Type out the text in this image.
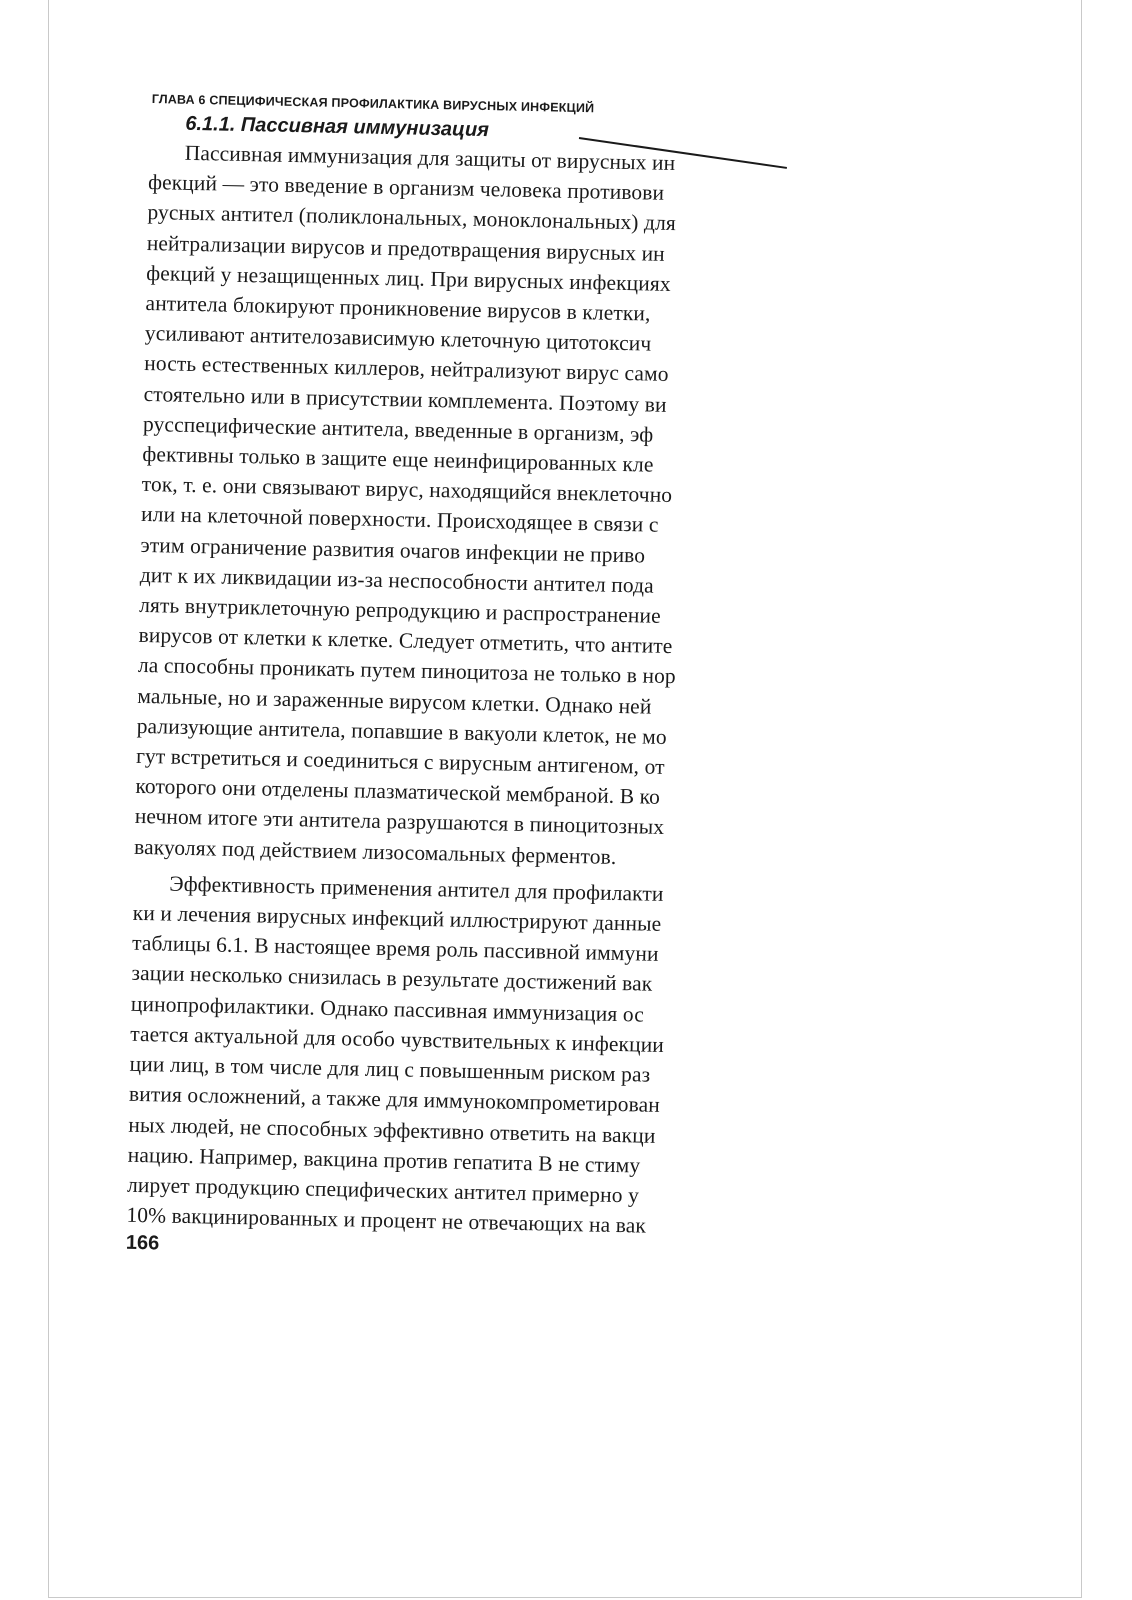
ГЛАВА 6 СПЕЦИФИЧЕСКАЯ ПРОФИЛАКТИКА ВИРУСНЫХ ИНФЕКЦИЙ
6.1.1. Пассивная иммунизация
Пассивная иммунизация для защиты от вирусных ин
фекций — это введение в организм человека противови
русных антител (поликлональных, моноклональных) для
нейтрализации вирусов и предотвращения вирусных ин
фекций у незащищенных лиц. При вирусных инфекциях
антитела блокируют проникновение вирусов в клетки,
усиливают антителозависимую клеточную цитотоксич
ность естественных киллеров, нейтрализуют вирус само
стоятельно или в присутствии комплемента. Поэтому ви
русспецифические антитела, введенные в организм, эф
фективны только в защите еще неинфицированных кле
ток, т. е. они связывают вирус, находящийся внеклеточно
или на клеточной поверхности. Происходящее в связи с
этим ограничение развития очагов инфекции не приво
дит к их ликвидации из-за неспособности антител пода
лять внутриклеточную репродукцию и распространение
вирусов от клетки к клетке. Следует отметить, что антите
ла способны проникать путем пиноцитоза не только в нор
мальные, но и зараженные вирусом клетки. Однако ней
рализующие антитела, попавшие в вакуоли клеток, не мо
гут встретиться и соединиться с вирусным антигеном, от
которого они отделены плазматической мембраной. В ко
нечном итоге эти антитела разрушаются в пиноцитозных
вакуолях под действием лизосомальных ферментов.
Эффективность применения антител для профилакти
ки и лечения вирусных инфекций иллюстрируют данные
таблицы 6.1. В настоящее время роль пассивной иммуни
зации несколько снизилась в результате достижений вак
цинопрофилактики. Однако пассивная иммунизация ос
тается актуальной для особо чувствительных к инфекции
ции лиц, в том числе для лиц с повышенным риском раз
вития осложнений, а также для иммунокомпрометирован
ных людей, не способных эффективно ответить на вакци
нацию. Например, вакцина против гепатита В не стиму
лирует продукцию специфических антител примерно у
10% вакцинированных и процент не отвечающих на вак
166
